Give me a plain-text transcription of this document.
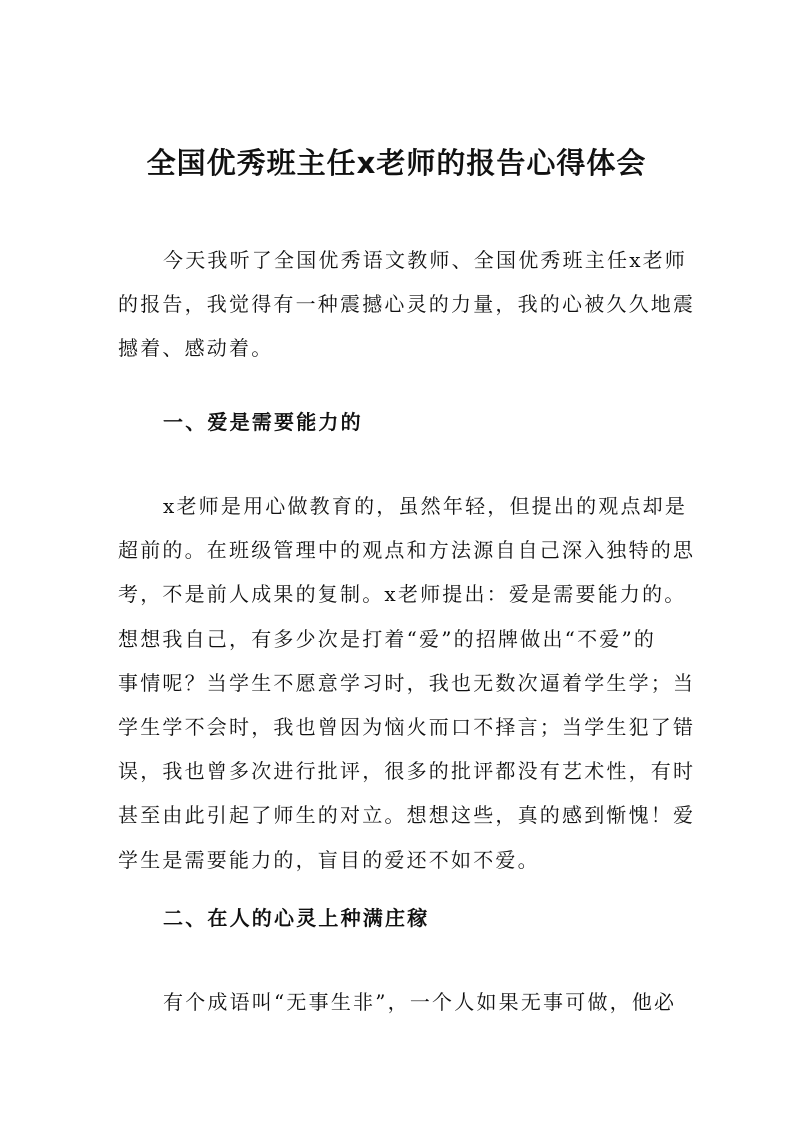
全国优秀班主任x老师的报告心得体会

今天我听了全国优秀语文教师、全国优秀班主任x老师
的报告，我觉得有一种震撼心灵的力量，我的心被久久地震
撼着、感动着。

一、爱是需要能力的

x老师是用心做教育的，虽然年轻，但提出的观点却是
超前的。在班级管理中的观点和方法源自自己深入独特的思
考，不是前人成果的复制。x老师提出：爱是需要能力的。
想想我自己，有多少次是打着“爱”的招牌做出“不爱”的
事情呢？当学生不愿意学习时，我也无数次逼着学生学；当
学生学不会时，我也曾因为恼火而口不择言；当学生犯了错
误，我也曾多次进行批评，很多的批评都没有艺术性，有时
甚至由此引起了师生的对立。想想这些，真的感到惭愧！爱
学生是需要能力的，盲目的爱还不如不爱。

二、在人的心灵上种满庄稼

有个成语叫“无事生非”，一个人如果无事可做，他必
